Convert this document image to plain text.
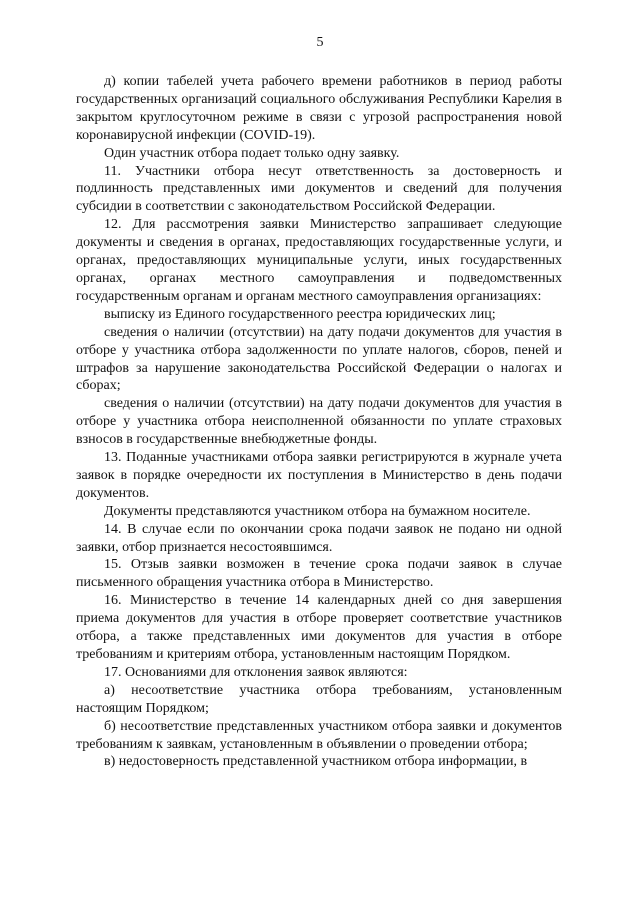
5

д) копии табелей учета рабочего времени работников в период работы государственных организаций социального обслуживания Республики Карелия в закрытом круглосуточном режиме в связи с угрозой распространения новой коронавирусной инфекции (COVID-19).

Один участник отбора подает только одну заявку.

11. Участники отбора несут ответственность за достоверность и подлинность представленных ими документов и сведений для получения субсидии в соответствии с законодательством Российской Федерации.

12. Для рассмотрения заявки Министерство запрашивает следующие документы и сведения в органах, предоставляющих государственные услуги, и органах, предоставляющих муниципальные услуги, иных государственных органах, органах местного самоуправления и подведомственных государственным органам и органам местного самоуправления организациях:

выписку из Единого государственного реестра юридических лиц;

сведения о наличии (отсутствии) на дату подачи документов для участия в отборе у участника отбора задолженности по уплате налогов, сборов, пеней и штрафов за нарушение законодательства Российской Федерации о налогах и сборах;

сведения о наличии (отсутствии) на дату подачи документов для участия в отборе у участника отбора неисполненной обязанности по уплате страховых взносов в государственные внебюджетные фонды.

13. Поданные участниками отбора заявки регистрируются в журнале учета заявок в порядке очередности их поступления в Министерство в день подачи документов.

Документы представляются участником отбора на бумажном носителе.

14. В случае если по окончании срока подачи заявок не подано ни одной заявки, отбор признается несостоявшимся.

15. Отзыв заявки возможен в течение срока подачи заявок в случае письменного обращения участника отбора в Министерство.

16. Министерство в течение 14 календарных дней со дня завершения приема документов для участия в отборе проверяет соответствие участников отбора, а также представленных ими документов для участия в отборе требованиям и критериям отбора, установленным настоящим Порядком.

17. Основаниями для отклонения заявок являются:

а) несоответствие участника отбора требованиям, установленным настоящим Порядком;

б) несоответствие представленных участником отбора заявки и документов требованиям к заявкам, установленным в объявлении о проведении отбора;

в) недостоверность представленной участником отбора информации, в
